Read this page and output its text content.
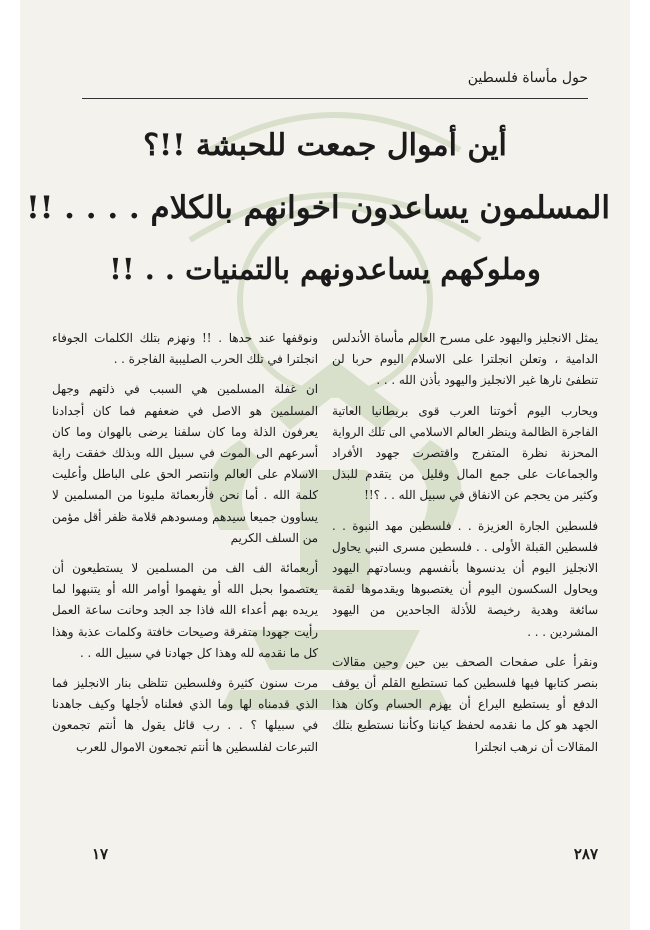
حول مأساة فلسطين
أين أموال جمعت للحبشة !!؟
المسلمون يساعدون اخوانهم بالكلام . . . . !!
وملوكهم يساعدونهم بالتمنيات . . !!

يمثل الانجليز واليهود على مسرح العالم مأساة الأندلس الدامية ، وتعلن انجلترا على الاسلام اليوم حربا لن تنطفئ نارها غير الانجليز واليهود بأذن الله . . .

ويحارب اليوم أخوتنا العرب قوى بريطانيا العاتية الفاجرة الظالمة وينظر العالم الاسلامي الى تلك الرواية المحزنة نظرة المتفرج واقتصرت جهود الأفراد والجماعات على جمع المال وقليل من يتقدم للبذل وكثير من يحجم عن الانفاق في سبيل الله . . ؟!!

فلسطين الجارة العزيزة . . فلسطين مهد النبوة . . فلسطين القبلة الأولى . . فلسطين مسرى النبي يحاول الانجليز اليوم أن يدنسوها بأنفسهم وبسادتهم اليهود ويحاول السكسون اليوم أن يغتصبوها ويقدموها لقمة سائغة وهدية رخيصة للأذلة الجاحدين من اليهود المشردين . . .

ونقرأ على صفحات الصحف بين حين وحين مقالات بنصر كتابها فيها فلسطين كما تستطيع القلم أن يوقف الدفع أو يستطيع اليراع أن يهزم الحسام وكان هذا الجهد هو كل ما نقدمه لحفظ كياننا وكأننا نستطيع بتلك المقالات أن نرهب انجلترا

ونوقفها عند حدها . !! ونهزم بتلك الكلمات الجوفاء انجلترا في تلك الحرب الصليبية الفاجرة . .

ان غفلة المسلمين هي السبب في ذلتهم وجهل المسلمين هو الاصل في ضعفهم فما كان أجدادنا يعرفون الذلة وما كان سلفنا يرضى بالهوان وما كان أسرعهم الى الموت في سبيل الله وبذلك خفقت راية الاسلام على العالم وانتصر الحق على الباطل وأعليت كلمة الله . أما نحن فأربعمائة مليونا من المسلمين لا يساوون جميعا سيدهم ومسودهم قلامة ظفر أقل مؤمن من السلف الكريم

أربعمائة الف الف من المسلمين لا يستطيعون أن يعتصموا بحبل الله أو يفهموا أوامر الله أو يتنبهوا لما يريده بهم أعداء الله فاذا جد الجد وحانت ساعة العمل رأيت جهودا متفرقة وصيحات خافتة وكلمات عذبة وهذا كل ما نقدمه لله وهذا كل جهادنا في سبيل الله . .

مرت سنون كثيرة وفلسطين تتلظى بنار الانجليز فما الذي قدمناه لها وما الذي فعلناه لأجلها وكيف جاهدنا في سبيلها ؟ . . رب قائل يقول ها أنتم تجمعون التبرعات لفلسطين ها أنتم تجمعون الاموال للعرب

١٧	٢٨٧
